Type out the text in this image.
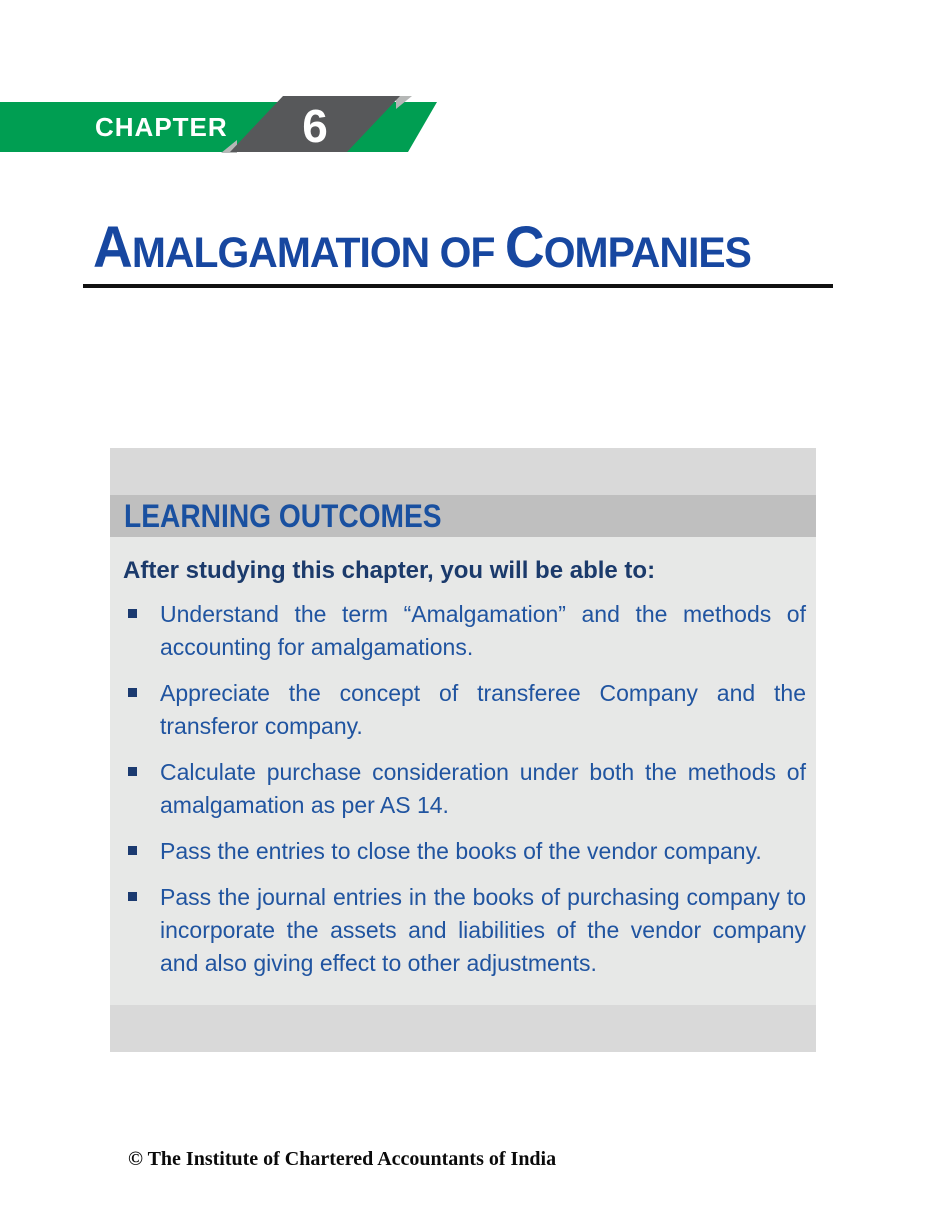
CHAPTER	6
AMALGAMATION OF COMPANIES
LEARNING OUTCOMES

After studying this chapter, you will be able to:

Understand the term “Amalgamation” and the methods of accounting for amalgamations.
Appreciate the concept of transferee Company and the transferor company.
Calculate purchase consideration under both the methods of amalgamation as per AS 14.
Pass the entries to close the books of the vendor company.
Pass the journal entries in the books of purchasing company to incorporate the assets and liabilities of the vendor company and also giving effect to other adjustments.
© The Institute of Chartered Accountants of India
